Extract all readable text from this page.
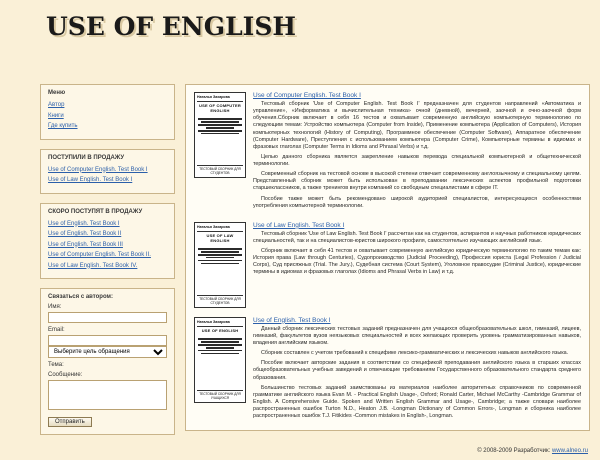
USE OF ENGLISH
Меню
Автор
Книги
Где купить
ПОСТУПИЛИ В ПРОДАЖУ
Use of Computer English. Test Book I
Use of Law English. Test Book I
СКОРО ПОСТУПЯТ В ПРОДАЖУ
Use of English. Test Book I
Use of English. Test Book II
Use of English. Test Book III
Use of Computer English. Test Book II.
Use of Law English. Test Book IV.
Связаться с автором:
Имя:
Email:

Выберите цель обращения
Тема:
Сообщение:
Отправить
Наталья Захарова
USE OF COMPUTER ENGLISH
ТЕСТОВЫЙ СБОРНИК ДЛЯ СТУДЕНТОВ
Use of Computer English. Test Book I

Тестовый сборник 'Use of Computer English. Test Book I' предназначен для студентов направлений «Автоматика и управление», «Информатика и вычислительная техника» очной (дневной), вечерней, заочной и очно-заочной форм обучения.Сборник включает в себя 16 тестов и охватывает современную английскую компьютерную терминологию по следующим темам: Устройство компьютера (Computer from Inside), Применение компьютера (Application of Computers), История компьютерных технологий (History of Computing), Программное обеспечение (Computer Software), Аппаратное обеспечение (Computer Hardware), Преступления с использованием компьютера (Computer Crime), Компьютерные термины в идиомах и фразовых глаголах (Computer Terms in Idioms and Phrasal Verbs) и т.д.

Целью данного сборника является закрепление навыков перевода специальной компьютерной и общетехнической терминологии.

Современный сборник на тестовой основе в высокой степени отвечает современному англоязычному и специальному целям. Представленный сборник может быть использован в преподавании лексических аспектов профильной подготовки старшеклассников, а также тренингов внутри компаний со свободным специалистами в сфере IT.

Пособие также может быть рекомендовано широкой аудиторией специалистов, интересующихся особенностями употребления компьютерной терминологии.

Наталья Захарова
USE OF LAW ENGLISH
ТЕСТОВЫЙ СБОРНИК ДЛЯ СТУДЕНТОВ
Use of Law English. Test Book I

Тестовый сборник 'Use of Law English. Test Book I' рассчитан как на студентов, аспирантов и научных работников юридических специальностей, так и на специалистов-юристов широкого профиля, самостоятельно изучающих английский язык.

Сборник включает в себя 41 тестов и охватывает современную английскую юридическую терминологию по таким темам как: История права (Law through Centuries), Судопроизводство (Judicial Proceeding), Профессия юриста (Legal Profession / Judicial Corps), Суд присяжных (Trial. The Jury.), Судебная система (Court System), Уголовное правосудие (Criminal Justice), юридические термины в идиомах и фразовых глаголах (Idioms and Phrasal Verbs in Law) и т.д.

Наталья Захарова
USE OF ENGLISH
ТЕСТОВЫЙ СБОРНИК ДЛЯ УЧАЩИХСЯ
Use of English. Test Book I

Данный сборник лексических тестовых заданий предназначен для учащихся общеобразовательных школ, гимназий, лицеев, гимназий, факультетов вузов неязыковых специальностей и всех желающих проверить уровень грамматизированных навыков, владения английским языком.

Сборник составлен с учетом требований к специфике лексико-грамматических и лексических навыков английского языка.

Пособие включает авторские задания в соответствии со спецификой преподавания английского языка в старших классах общеобразовательных учебных заведений и отвечающие требованиям Государственного образовательного стандарта среднего образования.

Большинство тестовых заданий заимствованы из материалов наиболее авторитетных справочников по современной грамматике английского языка Evan M. - Practical English Usage-, Oxford; Ronald Carter, Michael McCarthy -Cambridge Grammar of English. A Comprehensive Guide. Spoken and Written English Grammar and Usage-, Cambridge; а также словари наиболее распространенных ошибок Turton N.D., Heaton J.B. -Longman Dictionary of Common Errors-, Longman и сборника наиболее распространенных ошибок T.J. Fitikides -Common mistakes in English-, Longman.

© 2008-2009 Разработчик: www.alneo.ru
